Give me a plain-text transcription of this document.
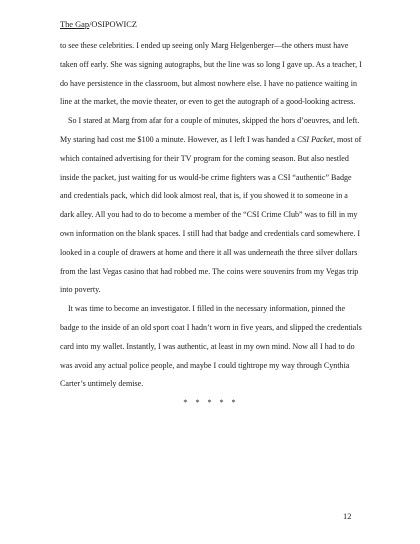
The Gap/OSIPOWICZ

to see these celebrities. I ended up seeing only Marg Helgenberger—the others must have taken off early. She was signing autographs, but the line was so long I gave up. As a teacher, I do have persistence in the classroom, but almost nowhere else. I have no patience waiting in line at the market, the movie theater, or even to get the autograph of a good-looking actress.

So I stared at Marg from afar for a couple of minutes, skipped the hors d’oeuvres, and left. My staring had cost me $100 a minute. However, as I left I was handed a CSI Packet, most of which contained advertising for their TV program for the coming season. But also nestled inside the packet, just waiting for us would-be crime fighters was a CSI “authentic” Badge and credentials pack, which did look almost real, that is, if you showed it to someone in a dark alley. All you had to do to become a member of the “CSI Crime Club” was to fill in my own information on the blank spaces. I still had that badge and credentials card somewhere. I looked in a couple of drawers at home and there it all was underneath the three silver dollars from the last Vegas casino that had robbed me. The coins were souvenirs from my Vegas trip into poverty.

It was time to become an investigator. I filled in the necessary information, pinned the badge to the inside of an old sport coat I hadn’t worn in five years, and slipped the credentials card into my wallet. Instantly, I was authentic, at least in my own mind. Now all I had to do was avoid any actual police people, and maybe I could tightrope my way through Cynthia Carter’s untimely demise.

* * * * *

12
